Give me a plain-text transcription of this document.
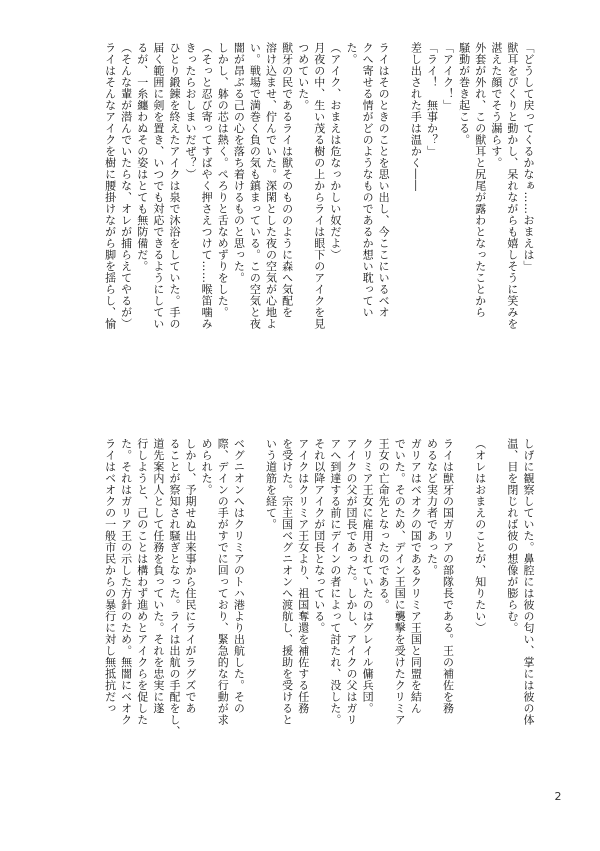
「どうして戻ってくるかなぁ……おまえは」

獣耳をぴくりと動かし、呆れながらも嬉しそうに笑みを

湛えた顔でそう漏らす。

外套が外れ、この獣耳と尻尾が露わとなったことから

騒動が巻き起こる。

「アイク！」

「ライ！　無事か？」

差し出された手は温かく――

ライはそのときのことを思い出し、今ここにいるベオ

クへ寄せる情がどのようなものであるか想い耽ってい

た。

（アイク、おまえは危なっかしい奴だよ）

月夜の中、生い茂る樹の上からライは眼下のアイクを見

つめていた。

獣牙の民であるライは獣そのもののように森へ気配を

溶け込ませ、佇んでいた。深閑とした夜の空気が心地よ

い。戦場で満巻く負の気も鎮まっている。この空気と夜

闇が昂ぶる己の心を落ち着けるものと思った。

しかし、躰の芯は熱く。ぺろりと舌なめずりをした。

（そっと忍び寄ってすばやく押さえつけて……喉笛噛み

きったらおしまいだぜ？）

ひとり鍛錬を終えたアイクは泉で沐浴をしていた。手の

届く範囲に剣を置き、いつでも対応できるようにしてい

るが、一糸纏わぬその姿はとても無防備だ。

（そんな輩が潜んでいたらな、オレが捕らえてやるが）

ライはそんなアイクを樹に腰掛けながら脚を揺らし、愉

しげに観察していた。鼻腔には彼の匂い、掌には彼の体

温、目を閉じれば彼の想像が膨らむ。

（オレはおまえのことが、知りたい）

ライは獣牙の国ガリアの部隊長である。王の補佐を務

めるなど実力者であった。

ガリアはベオクの国であるクリミア王国と同盟を結ん

でいた。そのため、デイン王国に襲撃を受けたクリミア

王女の亡命先となったのである。

クリミア王女に雇用されていたのはグレイル傭兵団。

アイクの父が団長であった。しかし、アイクの父はガリ

アへ到達する前にデインの者によって討たれ、没した。

それ以降アイクが団長となっている。

アイクはクリミア王女より、祖国奪還を補佐する任務

を受けた。宗主国ベグニオンへ渡航し、援助を受けると

いう道筋を経て。

ベグニオンへはクリミアのトハ港より出航した。その

際、デインの手がすでに回っており、緊急的な行動が求

められた。

しかし、予期せぬ出来事から住民にライがラグズであ

ることが察知され騒ぎとなった。ライは出航の手配をし、

道先案内人として任務を負っていた。それを忠実に遂

行しようと、己のことは構わず進めとアイクらを促した

た。それはガリア王の示した方針のため。無闇にベオク

ライはベオクの一般市民からの暴行に対し無抵抗だっ

2
